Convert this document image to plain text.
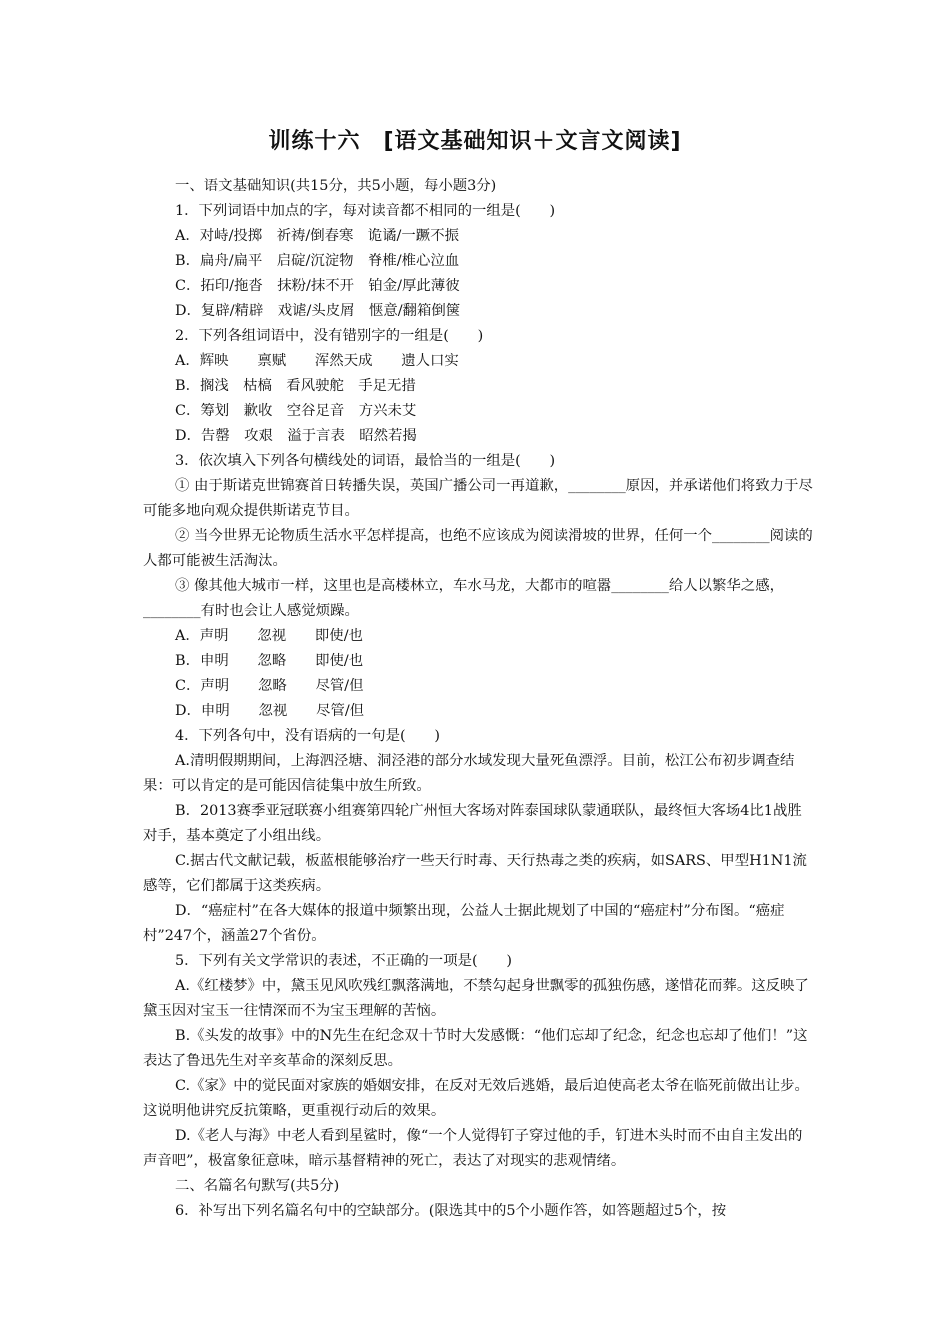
训练十六　[语文基础知识＋文言文阅读]

一、语文基础知识(共15分，共5小题，每小题3分)

1．下列词语中加点的字，每对读音都不相同的一组是(　　)

A．对峙/投掷　祈祷/倒春寒　诡谲/一蹶不振

B．扁舟/扁平　启碇/沉淀物　脊椎/椎心泣血

C．拓印/拖沓　抹粉/抹不开　铂金/厚此薄彼

D．复辟/精辟　戏谑/头皮屑　惬意/翻箱倒箧

2．下列各组词语中，没有错别字的一组是(　　)

A．辉映　　禀赋　　浑然天成　　遗人口实

B．搁浅　枯槁　看风驶舵　手足无措

C．筹划　歉收　空谷足音　方兴未艾

D．告罄　攻艰　溢于言表　昭然若揭

3．依次填入下列各句横线处的词语，最恰当的一组是(　　)

① 由于斯诺克世锦赛首日转播失误，英国广播公司一再道歉，________原因，并承诺他们将致力于尽可能多地向观众提供斯诺克节目。

② 当今世界无论物质生活水平怎样提高，也绝不应该成为阅读滑坡的世界，任何一个________阅读的人都可能被生活淘汰。

③ 像其他大城市一样，这里也是高楼林立，车水马龙，大都市的喧嚣________给人以繁华之感，________有时也会让人感觉烦躁。

A．声明　　忽视　　即使/也

B．申明　　忽略　　即使/也

C．声明　　忽略　　尽管/但

D．申明　　忽视　　尽管/但

4．下列各句中，没有语病的一句是(　　)

A.清明假期期间，上海泗泾塘、洞泾港的部分水域发现大量死鱼漂浮。目前，松江公布初步调查结果：可以肯定的是可能因信徒集中放生所致。

B．2013赛季亚冠联赛小组赛第四轮广州恒大客场对阵泰国球队蒙通联队，最终恒大客场4比1战胜对手，基本奠定了小组出线。

C.据古代文献记载，板蓝根能够治疗一些天行时毒、天行热毒之类的疾病，如SARS、甲型H1N1流感等，它们都属于这类疾病。

D．“癌症村”在各大媒体的报道中频繁出现，公益人士据此规划了中国的“癌症村”分布图。“癌症村”247个，涵盖27个省份。

5．下列有关文学常识的表述，不正确的一项是(　　)

A.《红楼梦》中，黛玉见风吹残红飘落满地，不禁勾起身世飘零的孤独伤感，遂惜花而葬。这反映了黛玉因对宝玉一往情深而不为宝玉理解的苦恼。

B.《头发的故事》中的N先生在纪念双十节时大发感慨：“他们忘却了纪念，纪念也忘却了他们！”这表达了鲁迅先生对辛亥革命的深刻反思。

C.《家》中的觉民面对家族的婚姻安排，在反对无效后逃婚，最后迫使高老太爷在临死前做出让步。这说明他讲究反抗策略，更重视行动后的效果。

D.《老人与海》中老人看到星鲨时，像“一个人觉得钉子穿过他的手，钉进木头时而不由自主发出的声音吧”，极富象征意味，暗示基督精神的死亡，表达了对现实的悲观情绪。

二、名篇名句默写(共5分)

6．补写出下列名篇名句中的空缺部分。(限选其中的5个小题作答，如答题超过5个，按
